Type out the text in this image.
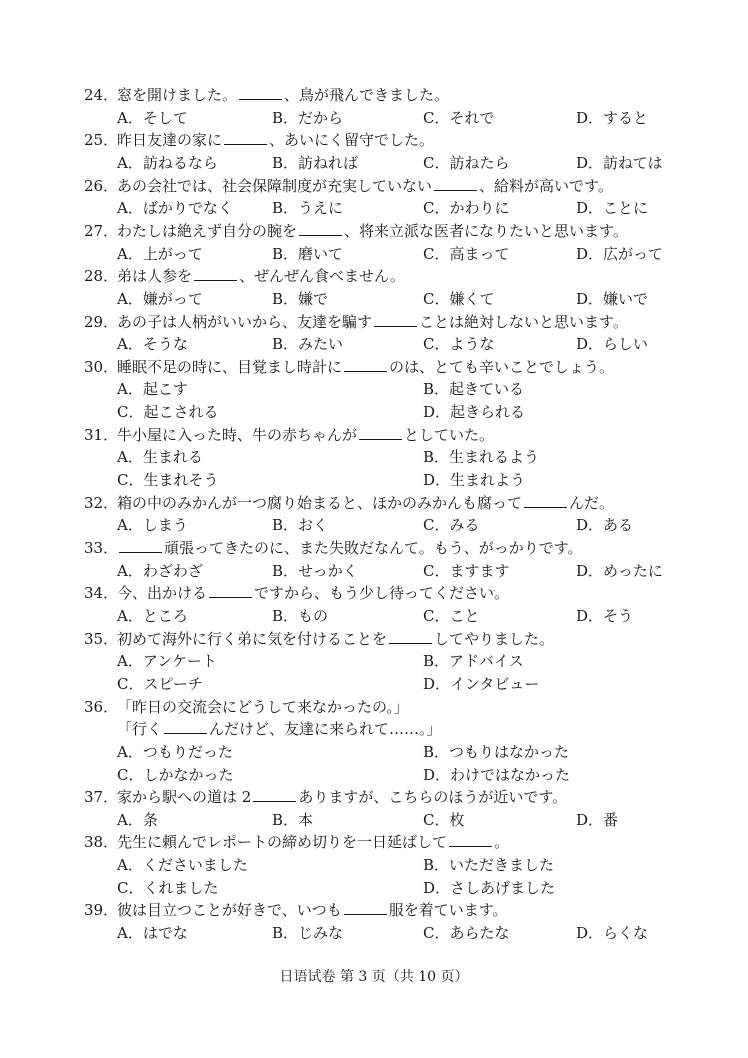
24．
窓を開けました。	、鳥が飛んできました。
A．そして	B．だから	C．それで	D．すると
25．
昨日友達の家に	、あいにく留守でした。
A．訪ねるなら	B．訪ねれば	C．訪ねたら	D．訪ねては
26．
あの会社では、社会保障制度が充実していない	、給料が高いです。
A．ばかりでなく	B．うえに	C．かわりに	D．ことに
27．
わたしは絶えず自分の腕を	、将来立派な医者になりたいと思います。
A．上がって	B．磨いて	C．高まって	D．広がって
28．
弟は人参を	、ぜんぜん食べません。
A．嫌がって	B．嫌で	C．嫌くて	D．嫌いで
29．
あの子は人柄がいいから、友達を騙す	ことは絶対しないと思います。
A．そうな	B．みたい	C．ような	D．らしい
30．
睡眠不足の時に、目覚まし時計に	のは、とても辛いことでしょう。
A．起こす	B．起きている
C．起こされる	D．起きられる
31．
牛小屋に入った時、牛の赤ちゃんが	としていた。
A．生まれる	B．生まれるよう
C．生まれそう	D．生まれよう
32．
箱の中のみかんが一つ腐り始まると、ほかのみかんも腐って	んだ。
A．しまう	B．おく	C．みる	D．ある
33．	頑張ってきたのに、また失敗だなんて。もう、がっかりです。
A．わざわざ	B．せっかく	C．ますます	D．めったに
34．
今、出かける	ですから、もう少し待ってください。
A．ところ	B．もの	C．こと	D．そう
35．
初めて海外に行く弟に気を付けることを	してやりました。
A．アンケート	B．アドバイス
C．スピーチ	D．インタビュー
36．
「昨日の交流会にどうして来なかったの。」
「行く	んだけど、友達に来られて……。」
A．つもりだった	B．つもりはなかった
C．しかなかった	D．わけではなかった
37．
家から駅への道は 2	ありますが、こちらのほうが近いです。
A．条	B．本	C．枚	D．番
38．
先生に頼んでレポートの締め切りを一日延ばして	。
A．くださいました	B．いただきました
C．くれました	D．さしあげました
39．
彼は目立つことが好きで、いつも	服を着ています。
A．はでな	B．じみな	C．あらたな	D．らくな
日语试卷 第 3 页（共 10 页）
